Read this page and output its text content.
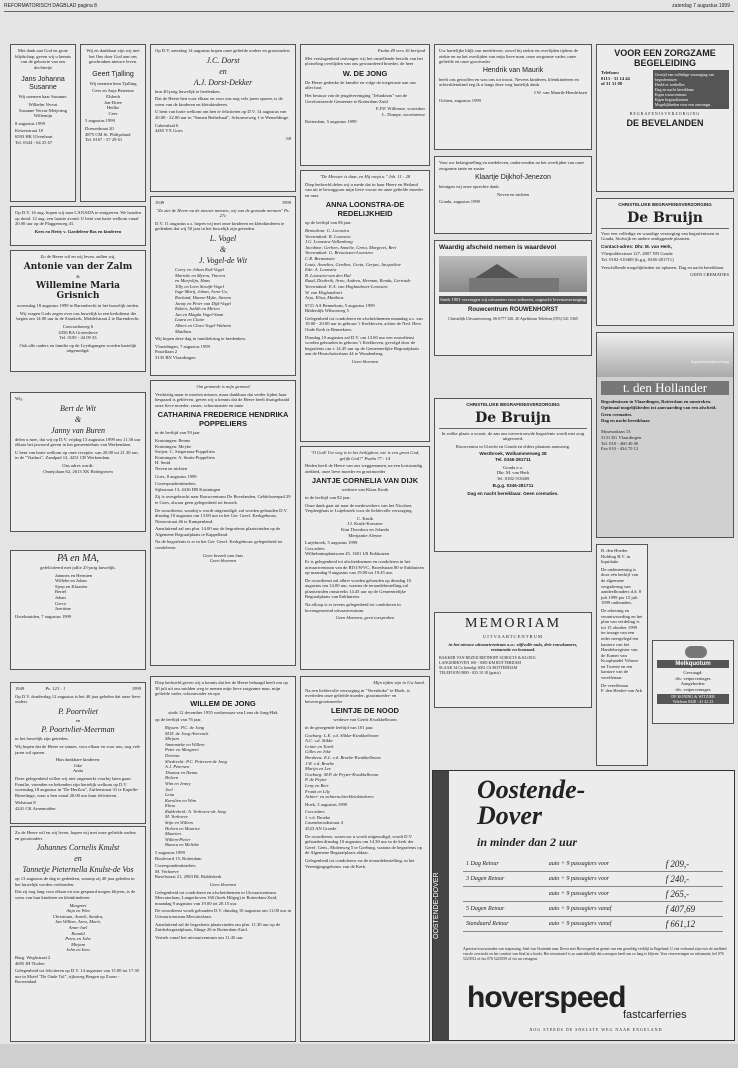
REFORMATORISCH DAGBLAD pagina 8	zaterdag 7 augustus 1999

Met dank aan God en grote blijdschap, geven wij u kennis van de geboorte van ons dochtertje

Jans Johanna Susanne

Wij noemen haar Susanne.

Wilhelm Vervat
Susanne Vervat-Meijering
Willemijn

8 augustus 1999

Keizerstraat 18
6593 HK Ulvenhout
Tel. 0344 - 64 25 67

Wij en dankbaar zijn wij met het Ons door God aan ons geschonken nieuwe leven.

Geert Tjalling

Wij noemen hem Tjalling

Cees en Anja Betzema
Elsbeth
Jan-Driee
Heilke
Cees

5 augustus 1999

Doesenbraat 20
4875 CM St. Philipsland
Tel. 0167 - 57 29 61

Op D.V. 16 aug. hopen wij naar CANADA te emigreren. We houden op dond. 12 aug. een laatste avond. U bent van harte welkom vanaf 20.00 uur op de Plaggenweg 41.

Kees en Hetty v. Gardeleen-Bos en kinderen

Zo de Heere wil en wij leven, zullen wij,

Antonie van der Zalm

&

Willemine Maria Grisnich

woensdag 18 augustus 1999 te Barendrecht in het huwelijk treden.

Wij vragen Gods zegen over ons huwelijk in een kerkdienst die begint om 14.00 uur in de Sionkerk, Middelstraat 2 te Barendrecht.

Concordiaweg 6
4356 BA Grotenhove
Tel. 0185 - 44 09 33

Ook alle ouders en familie op de Leydsgangen worden hartelijk uitgenodigd.

Wij,

Bert de Wit

&

Janny van Buren

delen u mee, dat wij op D.V. vrijdag 13 augustus 1999 om 11.30 uur elkaar het jawoord geven in het gemeentehuis van Werkendam.

U bent van harte welkom op onze receptie, van 20.00 tot 21.30 uur, in de "Viaduct", Zandpad 12, 4251 CR Werkendam.

Ons adres wordt:
Onnejolaan 62, 2613 XK Bodegraven

PA en MA,

gefeliciteerd met jullie 25-jarig huwelijk.

Jannnes en Hermien
Willebe en Johan
Sjerp en Klaasien
Bertel
Johan
Gerco
Joeritine

IJsselmuiden, 7 augustus 1999

1949	Ps. 123 : 1	1999

Op D.V. donderdag 12 augustus is het 40 jaar geleden dat onze lieve ouders

P. Poortvliet

en

P. Poortvliet-Meerman

in het huwelijk zijn getreden.

Wij hopen dat de Heere ze samen, voor elkaar en voor ons, nog vele jaren wil sparen.

Hun dankbare kinderen:
Joke
Anita

Deze gelegenheid willen wij niet ongemerkt voorbij laten gaan. Familie, vrienden en bekenden zijn hartelijk welkom op D.V. woensdag 18 augustus in "De HerZon", Zuffenstraat 31 te Kapelle-Biezelinge, waar u ben vanaf 20.00 uur kunt feliciteren.

Welstraat 8
4241 CK Arnemuiden

Zo de Heere wil en wij leven, hopen wij met onze geliefde ouders en grootouders

Johannes Cornelis Knulst

en

Tannetje Pieternella Knulst-de Vos

op 13 augustus de dag te gedenken, waarop zij 40 jaar geleden in het huwelijk werden verbonden.

Dat zij nog lang voor elkaar en ons gespaard mogen blijven, is de wens van hun kinderen en kleinkinderen.

Margreet
Anja en Wim
Christiaan, Anneli, Sandra,
Jan Willem, Arno, Marit,
Anne-Jael
Ronald
Petra en Johe
Mirjam
John en Ineo

Burg. Weghstraat 2
4695 JH Tholen

Gelegenheid tot feliciteren op D.V. 14 augustus van 15.00 tot 17.30 uur in Motel "De Oude Tol", rijksweg Bergen op Zoom - Roosendaal.

Op D.V. zaterdag 14 augustus hopen onze geliefde ouders en grootouders

J.C. Dorst

en

A.J. Dorst-Dekker

hun 40-jarig huwelijk te herdenken.

Dat de Heere hen voor elkaar en voor ons nog vele jaren sparen, is de wens van de kinderen en kleinkinderen.

U bent van harte welkom om hen te feliciteren op D.V. 14 augustus van 20.00 - 22.00 uur in "Samen Bethelsaal", Schouweweg 1 te Wemeldinge.

Cabentfaal 6
4465 VX Goes

68

1949	1999

"Zo ziet de Heere nu de nieuwe mensen, wij van de gezonde mensen" Ps. 27c

D.V. 11 augustus a.s. hopen wij met onze kinderen en kleinkinderen te gedenken dat wij 50 jaar in het huwelijk zijn getreden.

L. Vogel

&

J. Vogel-de Wit

Corry en Johan Kok-Vogel
Marieke en Myron, Vincent
en Marjolijn, Hans
Tilly en Leen Struijk-Vogel
Inge-Marij, Johan, Arno-Co,
Roeland, Hanne-Myke, Stenno
Janny en Peter van Dijk-Vogel
Ruben, Judith en Mirien
Jan en Magda Vogel-Stam
Laura en Claire
Albert en Clara Vogel-Walzem
Matthias

Wij hopen deze dag in familiekring te herdenken.

Vlaardingen, 7 augustus 1999
Pastellaan 2
3135 BN Vlaardingen

Om gemoede is mijn gemoed

Verdrietig maar te moeten missen, maar dankbaar dat verder lijden haar bespaard is gebleven, geven wij u kennis dat de Heere heeft thuisgehaald onze lieve moeder, zuster, schoonzuster en tante

CATHARINA FREDERICE HENDRIKA POPPELIERS

in de leeftijd van 59 jaar.

Kruiningen: Benno
Kruiningen: Meyke
Strijen: C. Siegersma-Poppeliers
Kruiningen: A. Smits-Poppeliers
H. Smid
Neven en nichten

Goes, 8 augustus 1999

Correspondentieadres:
Sijlastraat 13, 4416 DB Kruiningen

Zij is overgebracht naar Rouwcentrum De Bevelanden, Geldelozeepad 29 te Goes, alwaar geen gelegenheid tot bezoek.

De rouwdienst, waarbij u wordt uitgenodigd, zal worden gehouden D.V. dinsdag 10 augustus om 13.00 uur in het Ger. Geref. Kerkgebouw, Nieuwstraat 46 te Kampenland.

Aansluitend zal om plm. 14.00 uur de begrafenis plaatsvinden op de Algemene Begraafplaats te Kappelland.

Na de begrafenis is er in het Ger. Geref. Kerkgebouw gelegenheid tot condoleren.

Geen bezoek aan huis
Geen bloemen

Diep bedroefd geven wij u kennis dat het de Heere behaagd heeft om op 30 juli uit ons midden weg te nemen mijn lieve zorgzame man, mijn geliefde vader, schoonvader en opa

WILLEM DE JONG

sinds 12 december 1955 weduwnaar van Lena de Jong-Hak

op de leeftijd van 76 jaar.

Rijssen: P.C. de Jong
M.D. de Jong-Avereach
Mirjam
Annemieke en Willem
Peter en Margreet
Doriota
Sliedrecht: P.C. Petersen-de Jong
A.J. Petersen
Thomas en Ikema
Heleen
Wim en Jenny
Joel
Lena
Karolien en Wim
Elina
Ridderkerk: A. Verhoeve-de Jong
M. Verhoeve
Stijn en Willem
Heleen en Maurice
Maarten
Willem-Pieter
Bianca en Melieke

5 augustus 1999
Boulevard 15, Rotterdam

Correspondentieadres:
M. Verhoeve
Ravelstraat 21, 2983 BL Ridderkerk

Geen bloemen

Gelegenheid tot condoleren en afscheidnemen in Uitvaartcentrum Mercatorlaan, Langerhoven 160 (hoek Hilgeg) te Rotterdam-Zuid, maandag 9 augustus van 19.00 tot 20.15 uur.

De rouwdienst wordt gehouden D.V. dinsdag 10 augustus om 11.00 uur in Uitvaartcentrum Mercatorlaan.

Aansluitend zal de begrafenis plaatsvinden om plm. 11.30 uur op de Zuiderbegraafplaats, Slinge 26 te Rotterdam-Zuid.

Vertrek vanaf het uitvaartcentrum om 11.45 uur.

Psalm 49 vers 16 berijmd

Met verslagenheid ontvingen wij het onstellende bericht van het plotseling overlijden van ons gewaardeerd broeder, de heer

W. DE JONG

De Heere gedenke de familie en volge de toegeruste aan ons aller hart.

Het bestuur van de jeugdvereniging "Jehudzian" van de Gereformeerde Gemeente te Rotterdam-Zuid

E.P.P. Willemse, voorzitter
L. Dompe, secretaresse

Rotterdam, 5 augustus 1999

"De Meester is daar, en Hij roept u." Joh. 11 : 28

Diep bedroefd delen wij u mede dat in haar Heere en Heiland van uit te bewaggoon mijn lieve vrouw en onze geliefde moeder en oma

ANNA LOONSTRA-DE REDELIJKHEID

op de leeftijd van 86 jaar.

Bennekom: G. Loonstra
Veenendaal: R. Loonstra
J.G. Loonstra-Valkenburg
Jacobine, Gerben, Annelie, Greta, Margreet, Bert
Veenendaal: G. Breunissen-Loonstra
C.R. Breunissen
Louis, Annelies, Gerdien, Greta, Gerjan, Jacqueline
Ede: A. Loonstra
B. Loonstra-van den Hul
Ruud, Diederik, Arno, Andrea, Herman, Renda, Gertrude
Veenendaal: E.A. van Hoglandoort-Loonstra
W. van Hoglandoort
Arjo, Elisa, Matthias

6721 AA Bennekom, 5 augustus 1999
Bilderdijk Wilsonweg 5

Gelegenheid tot condoleren en afscheidnemen maandag a.s. van 19.00 - 20.00 uur in gebouw 't Kerkboven, achter de Ned. Herv. Oude Kerk te Bennekom.

Dinsdag 10 augustus zal D.V. om 13.00 uur een rouwdienst worden gehouden in gebouw 't Kerkboven, gevolgd door de begrafenis om ± 14.45 uur op de Gemeentelijke Begraafplaats aan de Heuschotterlaan 44 te Woudenberg.

Geen bloemen

"O God! Uw weg is in het heiligdom, wie is een groot God, gelijk God?" Psalm 77 : 14

Heden heeft de Heere van ons weggenomen, na een kortstondig ziekbed, onze lieve moeder en grootmoeder

JANTJE CORNELIA VAN DIJK

weduwe van Klaas Kruik

in de leeftijd van 82 jaar.

Onze dank gaat uit naar de medewerkers van het Nicolaas Verpleeghuis te Lutjebroek voor de liefdevolle verzorging.

C. Kruik
J.J. Kruik-Koestoer
Kim Theodoor en Jolanda
Merijantie Aleyne

Lutjebroek, 5 augustus 1999
Corr.adres:
Wilhelminaplantsoen 45, 1601 LR Enkhuizen

Er is gelegenheid tot afscheidnemen en condoleren in het uitvaartcentrum van de RTO/WVC, Broedstraat 80 te Enkhuizen op maandag 9 augustus van 19.00 tot 19.45 uur.

De rouwdienst zal alhier worden gehouden op dinsdag 10 augustus om 14.00 uur, waarna de teraardebestelling zal plaatsvinden omstreeks 14.45 uur op de Gemeentelijke Begraafplaats van Enkhuizen.

Na afloop is er tevens gelegenheid tot condoleren in bovengenoemd uitvaartcentrum.

Geen bloemen, geen toespraken

Mijn tijden zijn in Uw hand.

Na een liefdevolle verzorging in "Verenhoke" te Hoek, is overleden onze geliefde moeder, grootmoeder- en betovergrootmoeder

LEINTJE DE NOOD

weduwe van Gerrit Kwakkelboom

in de gezegende leeftijd van 101 jaar.

Goeburg: L.E. v.d. Slikke-Kwakkelboom
A.C. v.d. Slikke
Leinie en Turek
Gilles en Joke
Breskens: E.L. v.d. Broeke-Kwakkelboom
J.W. v.d. Broeke
Marijn en Lee
Goeburg: M.P. de Peyter-Kwakkelboom
P. de Peyter
Leny en Bert
Frank en Lily
Achter- en achterachterkleinkinderen

Hoek, 5 augustus 1999

Corr.adres:
J. v.d. Broeke
Casembroodtstraat 4
4523 AN Groede

De rouwdienst, waarvoor u wordt uitgenodigd, wordt D.V. gehouden dinsdag 10 augustus om 14.30 uur in de kerk der Geref. Gem., Molenweg 5 te Goeburg, waarna de begrafenis op de Algemene Begraafplaats aldaar.

Gelegenheid tot condoleren: na de teraardebestelling, in het Verenigingsgebouw van de Kerk.

Uw hartelijke blijk van medeleven, zowel bij ziekte en overlijden tijdens de ziekte en na het overlijden van mijn lieve man, onze zorgzame vader, onze geliefde en onze grootvader

Hendrik van Maurik

heeft ons getroffen en was ons tot troost. Nevens kinderen, kleinkinderen en achterkleinkind zeg ik u langs deze weg hartelijk dank.

J.W. van Maurik-Hendriksen

Ochten, augustus 1999

Voor uw belangstelling en medeleven, ondervonden na het overlijden van onze zorgzame tante en zuster

Klaartje Dijkhof-Jenezon

betuigen wij onze oprechte dank.

Neven en nichten

Gouda, augustus 1999

Waardig afscheid nemen is waardevol

Sinds 1901 verzorgen wij uitvaarten voor iedereen, ongeacht levensovertuiging

Rouwcentrum ROUWENHORST

Christelijk Uitvaartverzorg. 06 6777 320, 20 Apeldoorn Telefoon (055) 541 5365

CHRISTELIJKE BEGRAFENISVERZORGING

De Bruijn

In welke plaats u woont, de aan ons toevertrouwde begrafenis wordt met zorg uitgevoerd.

Rouwcentra in Utrecht en Gouda en elders plaatsen aanwezig.

Westbroek, Wolkammerweg 28
Tel. 0346-281711

Gouda e.o.
Dhr. M. van Herk
Tel. 0182-510469

B.g.g. 0346-281711

Dag en nacht bereikbaar. Geen crematies.

MEMORIAM

UITVAARTCENTRUM

in het nieuwe uitvaartcentrum o.a.: stijlvolle aula, drie rouwkamers, restauratie en loonzaal.

BAKKER VAN BEZEIJ RIETHOFF SCHOLTS & KLOEG
LANGERHOVEN 160 - 3085 KM ROTTERDAM
SLAAK 34 Cx bestelgt 3061 CS ROTTERDAM
TELEFOON 0800 - 023 10 18 (gratis)

VOOR EEN ZORGZAME BEGELEIDING

Telefoon:
0113 - 31 14 44
of 31 31 08

Gewijd van volledige verzorging van begrafenissen
Deeld ot wetbelles
Dag en nacht bereikbaar
Eigen rouwcentrum
Eigen begraaflaatsen
Mogelijkheden voor een ontvangst

BEGRAFENISVERZORGING

DE BEVELANDEN

CHRISTELIJKE BEGRAFENISVERZORGING

De Bruijn

Voor een volledige en waardige verzorging van begrafenissen in Gouda, Stolwijk en andere omliggende plaatsen.

Contact-adres: Dhr. M. van Herk,

Vlietpolderstraat 127, 2807 NN Gouda
Tel. 0182-510469 (b.g.g. 0346-281711)

Verschillende mogelijkheden tot opbaren. Dag en nacht bereikbaar.

GEEN CREMATIES

begrafenisonderneming

t. den Hollander

Begrafenissen in Vlaardingen, Rotterdam en omstreken. Optimaal mogelijkheden tot aanvaarding van een afscheid.

Geen crematies.
Dag en nacht bereikbaar.

Museumlaan 13
3131 EG Vlaardingen
Tel. 010 - 460 40 00
Fax 010 - 434 70 12

B. den Hoeder Holding B.V. in liquidatie

De onderneming is door eén bedrijf van de algemene vergadering van aandeelhouders d.d. 8 juli 1999 per 15 juli 1999 ontbonden.

De rekening en verantwoording en het plan van verdeling is tot 15 oktober 1999 ter inzage van een ieder neergelegd ten kantore van het Handelsregister van de Kamer van Koophandel Veluwe en Twente en ten kantore van de vereffenaar.

De vereffenaar
F. den Herder-van Ark

Melkquotum

Gevraagd:
div. vetpercentages
Aangeboden:
div. vetpercentages

DE KONING & WITZIER
Telefoon 0348 - 41 22 23

OOSTENDE-DOVER
Oostende-
Dover
in minder dan 2 uur
1 Dag Retour	auto + 9 passagiers voor	f 209,-
3 Dagen Retour	auto + 9 passagiers voor	f 240,-
	auto + 9 passagiers voor	f 265,-
5 Dagen Retour	auto + 9 passagiers vanaf	f 407,69
Standaard Retour	auto + 9 passagiers vanaf	f 661,12
Aprecise/voorwaarden van toepassing. Snel van Oostende naar Dover met Hoverspeed en geniet van een geweldig verblijf in Engeland. U ziet verbaasd zijn over de snelheid van de overtocht en het comfort van SeaCat u boekt. Het retourtarief is zo aantrekkelijk dat u morgen heeft om zo lang te blijven. Voor reserveringen en informatie, bel 076 5223912 of fax 076 5223559 of via uw reisagent.
hoverspeed
fastcarferries
NOG STEEDS DE SNELSTE WEG NAAR ENGELAND
